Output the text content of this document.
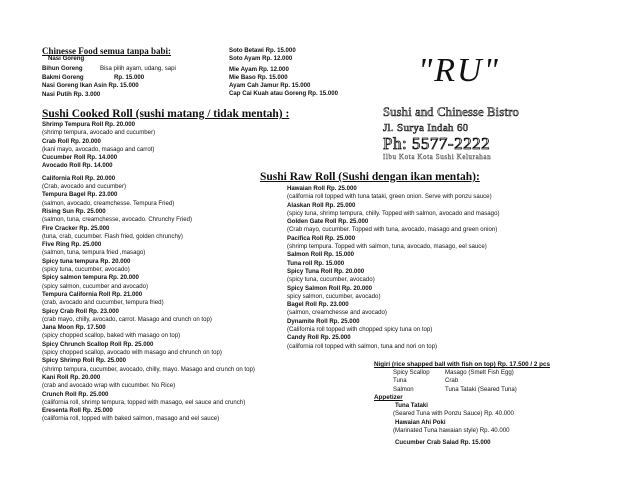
Chinesse Food semua tanpa babi:
Nasi Goreng
Bihun Goreng	Bisa pilih ayam, udang, sapi
Bakmi Goreng	Rp. 15.000
Nasi Goreng Ikan Asin Rp. 15.000
Nasi Putih Rp. 3.000
Soto Betawi Rp. 15.000
Soto Ayam Rp. 12.000
Mie Ayam Rp. 12.000
Mie Baso Rp. 15.000
Ayam Cah Jamur Rp. 15.000
Cap Cai Kuah atau Goreng Rp. 15.000
"RU"
Sushi and Chinesse Bistro
Jl. Surya Indah 60
Ph: 5577-2222
Ilbu Kota Kota Sushi Kelurahan
Sushi Cooked Roll (sushi matang / tidak mentah) :
Shrimp Tempura Roll Rp. 20.000
(shrimp tempura, avocado and cucumber)
Crab Roll Rp. 20.000
(kani mayo, avocado, masago and carrot)
Cucumber Roll Rp. 14.000
Avocado Roll Rp. 14.000
California Roll Rp. 20.000
(Crab, avocado and cucumber)
Tempura Bagel Rp. 23.000
(salmon, avocado, creamchesse. Tempura Fried)
Rising Sun Rp. 25.000
(salmon, tuna, creamchesse, avocado. Chrunchy Fried)
Fire Cracker Rp. 25.000
(tuna, crab, cucumber. Flash fried, golden chrunchy)
Five Ring Rp. 25.000
(salmon, tuna, tempura fried ,masago)
Spicy tuna tempura Rp. 20.000
(spicy tuna, cucumber, avocado)
Spicy salmon tempura Rp. 20.000
(spicy salmon, cucumber and avocado)
Tempura California Roll Rp. 21.000
(crab, avocado and cucumber, tempura fried)
Spicy Crab Roll Rp. 23.000
(crab mayo, chilly, avocado, carrot. Masago and crunch on top)
Jana Moon Rp. 17.500
(spicy chopped scallop, baked with masago on top)
Spicy Chrunch Scallop Roll Rp. 25.000
(spicy chopped scallop, avocado with masago and chrunch on top)
Spicy Shrimp Roll Rp. 25.000
(shrimp tempura, cucumber, avocado, chilly, mayo. Masago and crunch on top)
Kani Roll Rp. 20.000
(crab and avocado wrap with cucumber. No Rice)
Crunch Roll Rp. 25.000
(california roll, shrimp tempura, topped with masago, eel sauce and crunch)
Eresenta Roll Rp. 25.000
(california roll, topped with baked salmon, masago and eel sauce)
Sushi Raw Roll (Sushi dengan ikan mentah):
Hawaian Roll Rp. 25.000
(california roll topped with tuna tataki, green onion. Serve with ponzu sauce)
Alaskan Roll Rp. 25.000
(spicy tuna, shrimp tempura, chilly. Topped with salmon, avocado and masago)
Golden Gate Roll Rp. 25.000
(Crab mayo, cucumber. Topped with tuna, avocado, masago and green onion)
Pacifica Roll Rp. 25.000
(shrimp tempura. Topped with salmon, tuna, avocado, masago, eel sauce)
Salmon Roll Rp. 15.000
Tuna roll Rp. 15.000
Spicy Tuna Roll Rp. 20.000
(spicy tuna, cucumber, avocado)
Spicy Salmon Roll Rp. 20.000
spicy salmon, cucumber, avocado)
Bagel Roll Rp. 23.000
(salmon, creamchesse and avocado)
Dynamite Roll Rp. 25.000
(California roll topped with chopped spicy tuna on top)
Candy Roll Rp. 25.000
(california roll topped with salmon, tuna and nori on top)
Nigiri (rice shapped ball with fish on top) Rp. 17.500 / 2 pcs
Spicy Scallop	Masago (Smelt Fish Egg)
Tuna	Crab
Salmon	Tuna Tataki (Seared Tuna)
Appetizer
Tuna Tataki
(Seared Tuna with Ponzu Sauce) Rp. 40.000
Hawaian Ahi Poki
(Marinated Tuna hawaian style) Rp. 40.000
Cucumber Crab Salad Rp. 15.000
